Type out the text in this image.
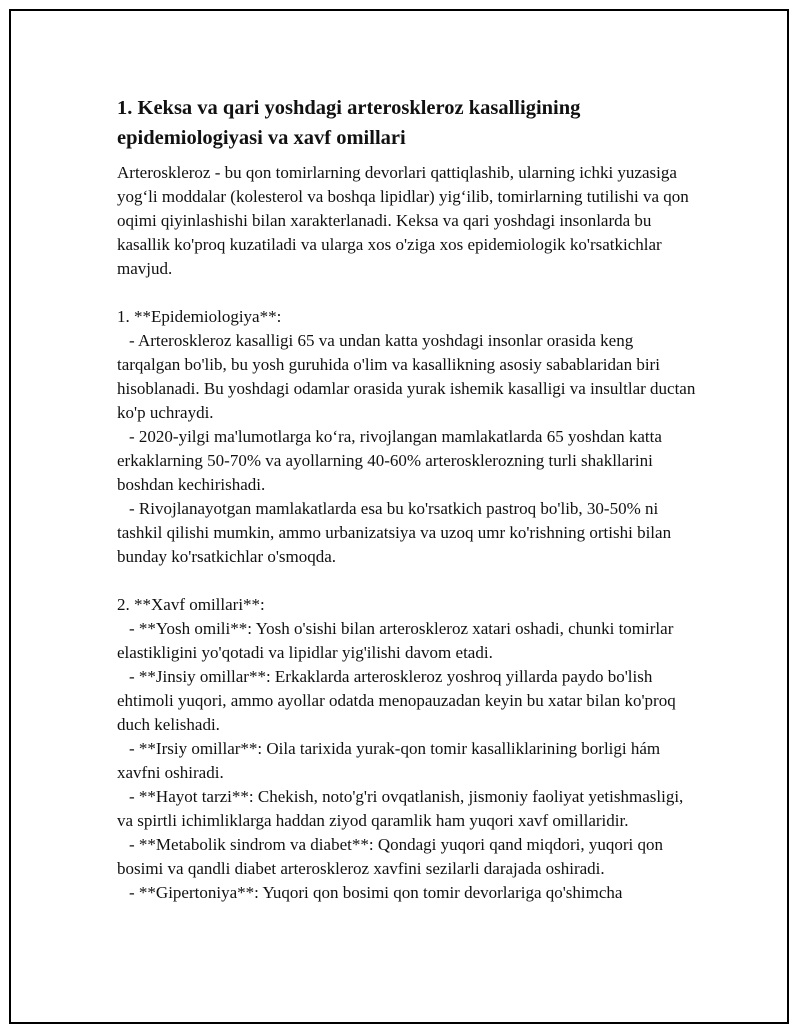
1. Keksa va qari yoshdagi arteroskleroz kasalligining epidemiologiyasi va xavf omillari

Arteroskleroz - bu qon tomirlarning devorlari qattiqlashib, ularning ichki yuzasiga yog‘li moddalar (kolesterol va boshqa lipidlar) yig‘ilib, tomirlarning tutilishi va qon oqimi qiyinlashishi bilan xarakterlanadi. Keksa va qari yoshdagi insonlarda bu kasallik ko'proq kuzatiladi va ularga xos o'ziga xos epidemiologik ko'rsatkichlar mavjud.

1. **Epidemiologiya**:

- Arteroskleroz kasalligi 65 va undan katta yoshdagi insonlar orasida keng tarqalgan bo'lib, bu yosh guruhida o'lim va kasallikning asosiy sabablaridan biri hisoblanadi. Bu yoshdagi odamlar orasida yurak ishemik kasalligi va insultlar ductan ko'p uchraydi.

- 2020-yilgi ma'lumotlarga ko‘ra, rivojlangan mamlakatlarda 65 yoshdan katta erkaklarning 50-70% va ayollarning 40-60% arterosklerozning turli shakllarini boshdan kechirishadi.

- Rivojlanayotgan mamlakatlarda esa bu ko'rsatkich pastroq bo'lib, 30-50% ni tashkil qilishi mumkin, ammo urbanizatsiya va uzoq umr ko'rishning ortishi bilan bunday ko'rsatkichlar o'smoqda.

2. **Xavf omillari**:

- **Yosh omili**: Yosh o'sishi bilan arteroskleroz xatari oshadi, chunki tomirlar elastikligini yo'qotadi va lipidlar yig'ilishi davom etadi.

- **Jinsiy omillar**: Erkaklarda arteroskleroz yoshroq yillarda paydo bo'lish ehtimoli yuqori, ammo ayollar odatda menopauzadan keyin bu xatar bilan ko'proq duch kelishadi.

- **Irsiy omillar**: Oila tarixida yurak-qon tomir kasalliklarining borligi hám xavfni oshiradi.

- **Hayot tarzi**: Chekish, noto'g'ri ovqatlanish, jismoniy faoliyat yetishmasligi, va spirtli ichimliklarga haddan ziyod qaramlik ham yuqori xavf omillaridir.

- **Metabolik sindrom va diabet**: Qondagi yuqori qand miqdori, yuqori qon bosimi va qandli diabet arteroskleroz xavfini sezilarli darajada oshiradi.

- **Gipertoniya**: Yuqori qon bosimi qon tomir devorlariga qo'shimcha
